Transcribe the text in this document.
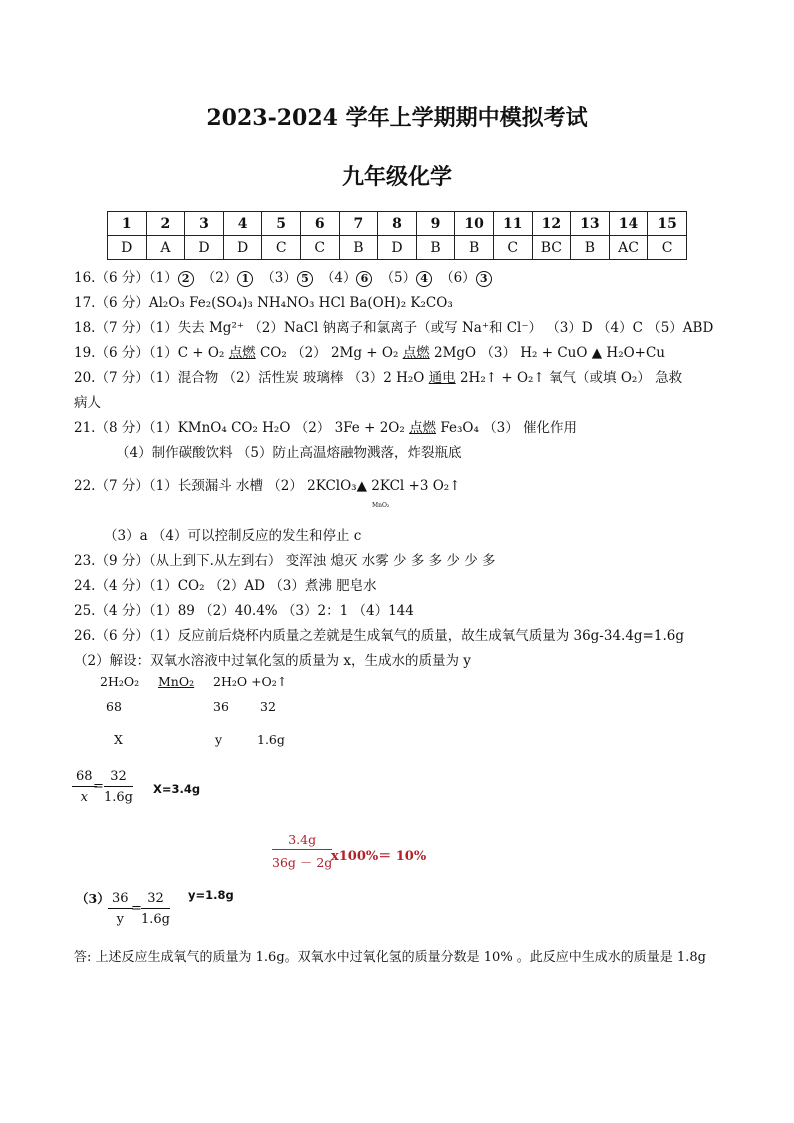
2023-2024 学年上学期期中模拟考试
九年级化学
1	2	3	4	5	6	7	8	9	10	11	12	13	14	15
D	A	D	D	C	C	B	D	B	B	C	BC	B	AC	C
16.（6 分）（1） 2 （2） 1 （3） 5 （4） 6 （5） 4 （6） 3
17.（6 分）Al₂O₃ Fe₂(SO₄)₃ NH₄NO₃ HCl Ba(OH)₂ K₂CO₃
18.（7 分）（1）失去 Mg²⁺ （2）NaCl 钠离子和氯离子（或写 Na⁺和 Cl⁻） （3）D （4）C （5）ABD
19.（6 分）（1）C + O₂ 点燃 CO₂ （2） 2Mg + O₂ 点燃 2MgO （3） H₂ + CuO ▲ H₂O+Cu
20.（7 分）（1）混合物 （2）活性炭 玻璃棒 （3）2 H₂O 通电 2H₂↑ + O₂↑ 氧气（或填 O₂） 急救
病人
21.（8 分）（1）KMnO₄ CO₂ H₂O （2） 3Fe + 2O₂ 点燃 Fe₃O₄ （3） 催化作用
（4）制作碳酸饮料 （5）防止高温熔融物溅落，炸裂瓶底
22.（7 分）（1）长颈漏斗 水槽 （2） 2KClO₃▲ 2KCl +3 O₂↑
MnO₂
（3）a （4）可以控制反应的发生和停止 c
23.（9 分）（从上到下.从左到右） 变浑浊 熄灭 水雾 少 多 多 少 少 多
24.（4 分）（1）CO₂ （2）AD （3）煮沸 肥皂水
25.（4 分）（1）89 （2）40.4% （3）2：1 （4）144
26.（6 分）（1）反应前后烧杯内质量之差就是生成氧气的质量，故生成氧气质量为 36g-34.4g=1.6g
（2）解设：双氧水溶液中过氧化氢的质量为 x，生成水的质量为 y
2H₂O₂ MnO₂ 2H₂O +O₂↑
68	36 32
X	y	1.6g
$\frac{68}{x}$
= $\frac{32}{1.6g} X=3.4g$
$\frac{3.4g}{36g - 2g}$
x100%＝ 10%
（3）
$\frac{36}{y}$
= $\frac{32}{1.6g} y=1.8g$
答: 上述反应生成氧气的质量为 1.6g。双氧水中过氧化氢的质量分数是 10% 。此反应中生成水的质量是 1.8g
